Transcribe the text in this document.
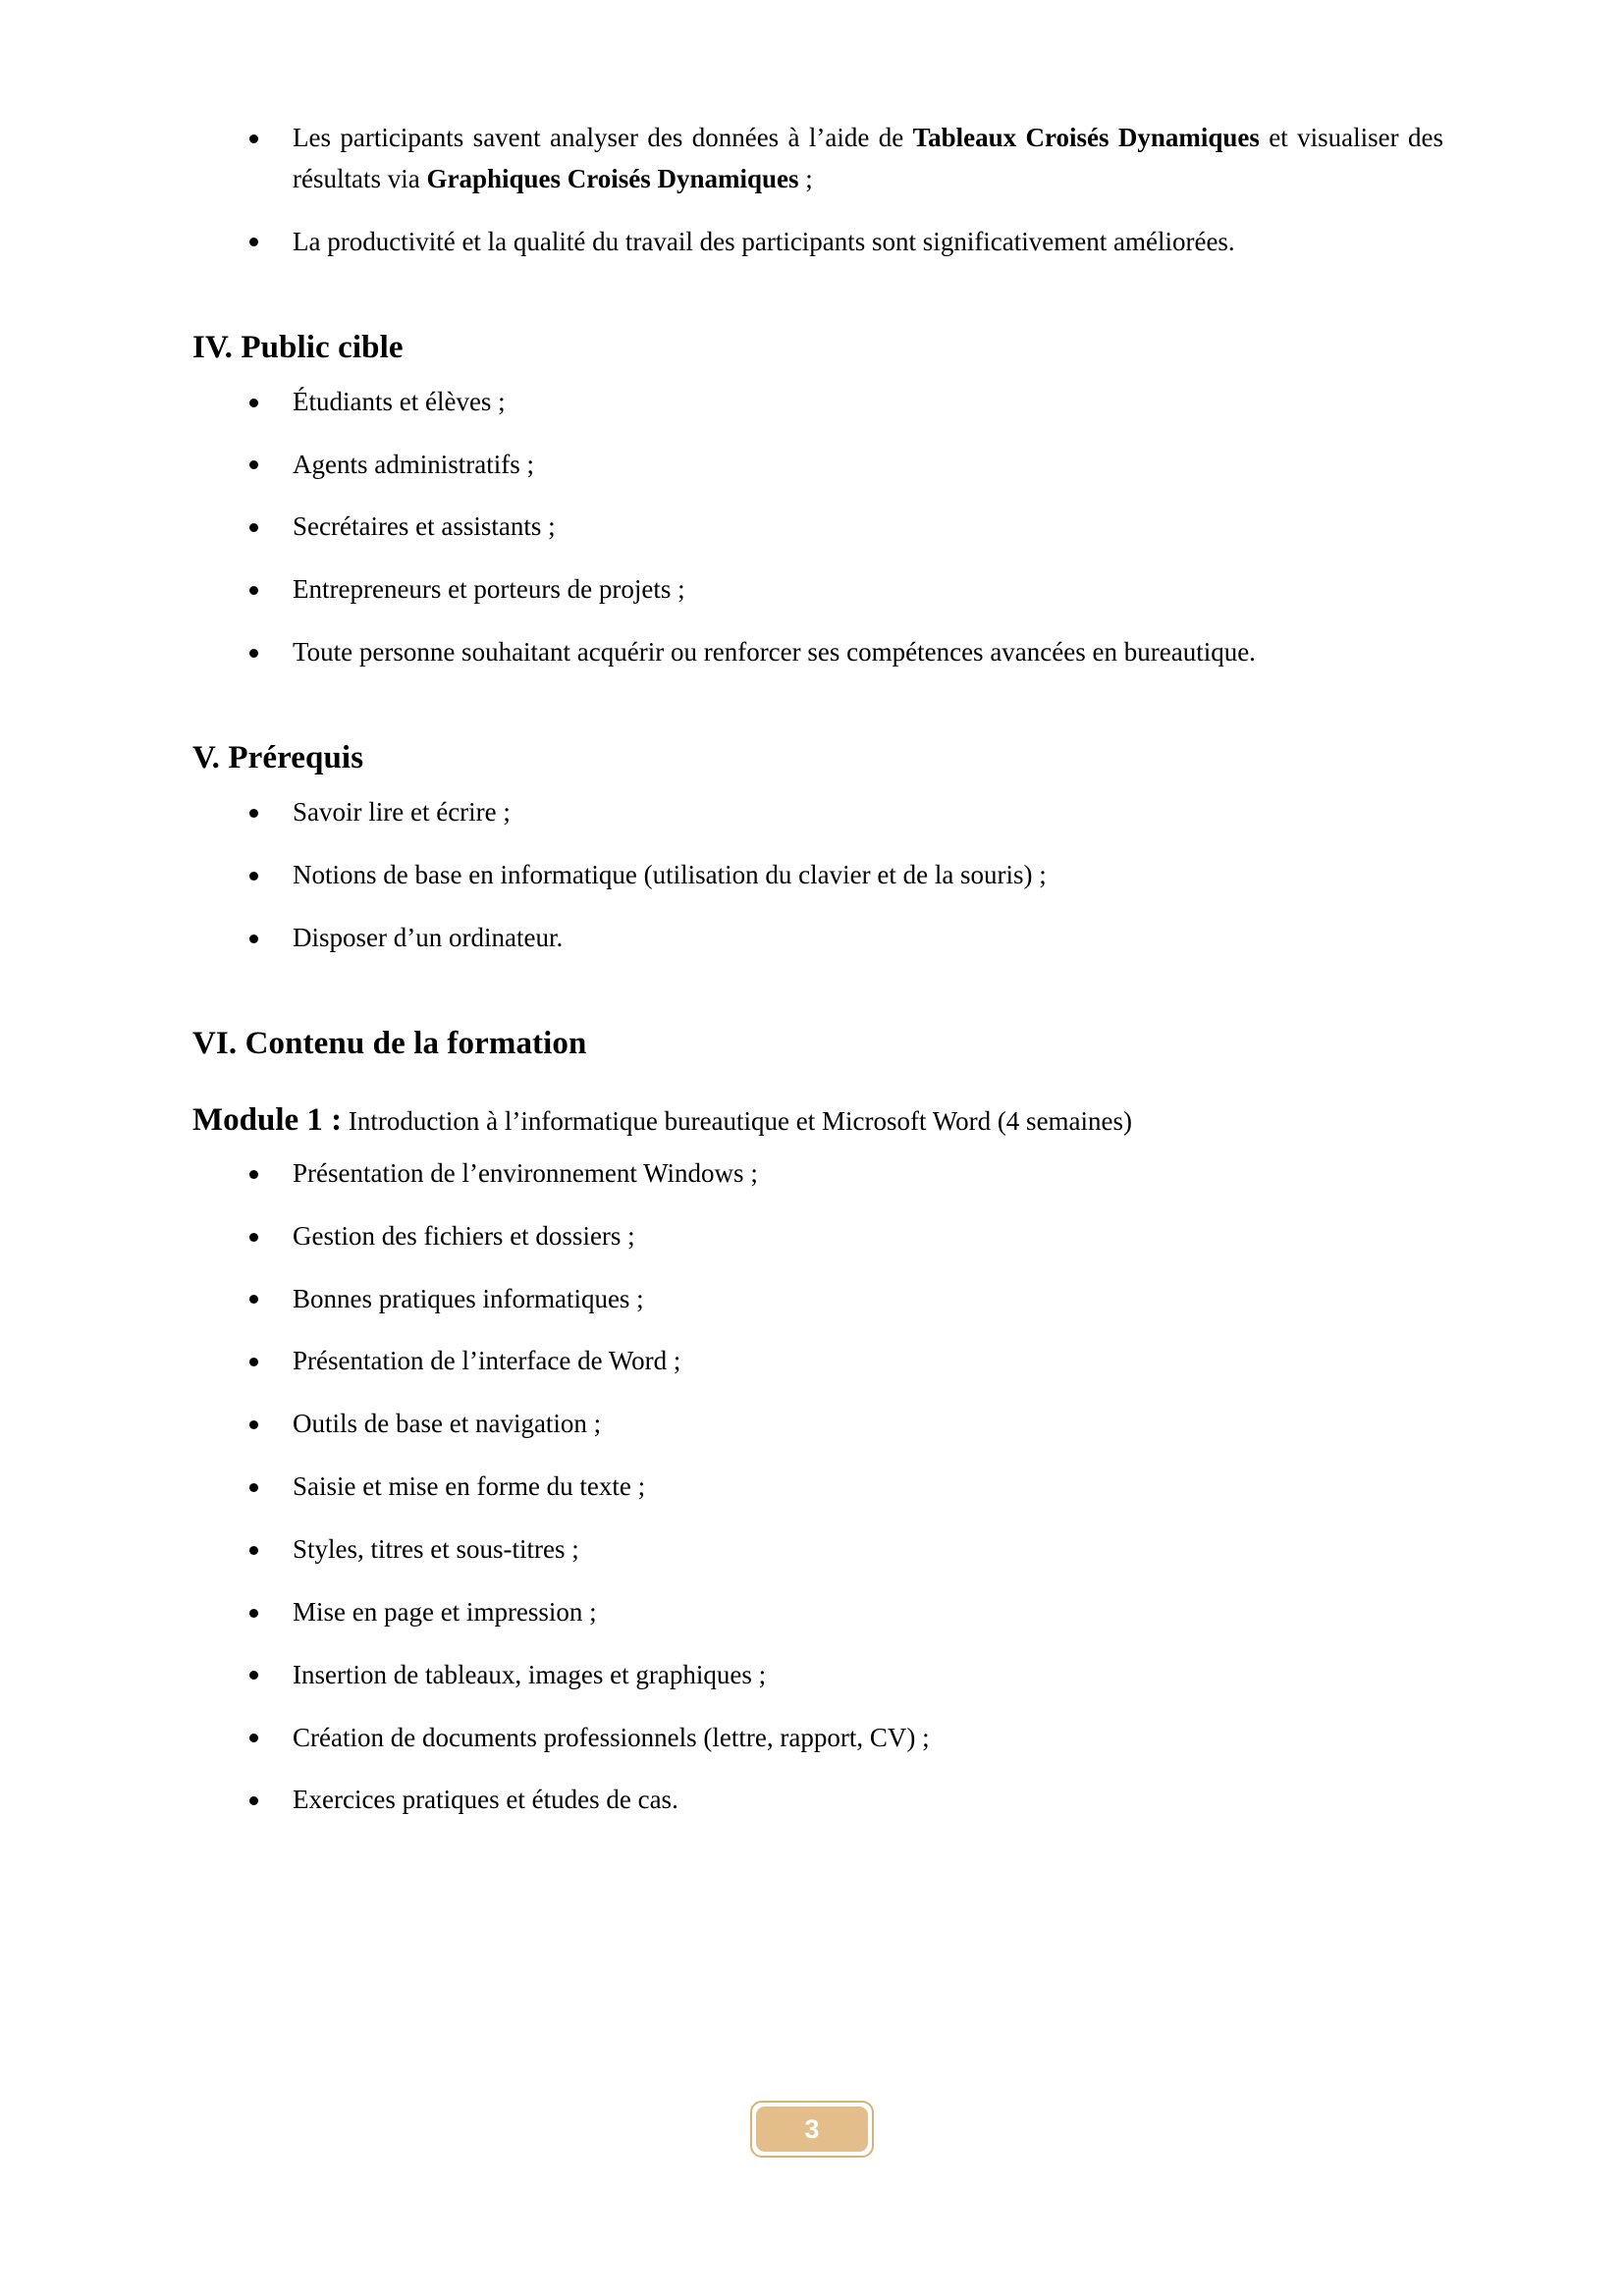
Les participants savent analyser des données à l’aide de Tableaux Croisés Dynamiques et visualiser des résultats via Graphiques Croisés Dynamiques ;
La productivité et la qualité du travail des participants sont significativement améliorées.
IV. Public cible
Étudiants et élèves ;
Agents administratifs ;
Secrétaires et assistants ;
Entrepreneurs et porteurs de projets ;
Toute personne souhaitant acquérir ou renforcer ses compétences avancées en bureautique.
V. Prérequis
Savoir lire et écrire ;
Notions de base en informatique (utilisation du clavier et de la souris) ;
Disposer d’un ordinateur.
VI. Contenu de la formation

Module 1 : Introduction à l’informatique bureautique et Microsoft Word (4 semaines)

Présentation de l’environnement Windows ;
Gestion des fichiers et dossiers ;
Bonnes pratiques informatiques ;
Présentation de l’interface de Word ;
Outils de base et navigation ;
Saisie et mise en forme du texte ;
Styles, titres et sous-titres ;
Mise en page et impression ;
Insertion de tableaux, images et graphiques ;
Création de documents professionnels (lettre, rapport, CV) ;
Exercices pratiques et études de cas.
3
